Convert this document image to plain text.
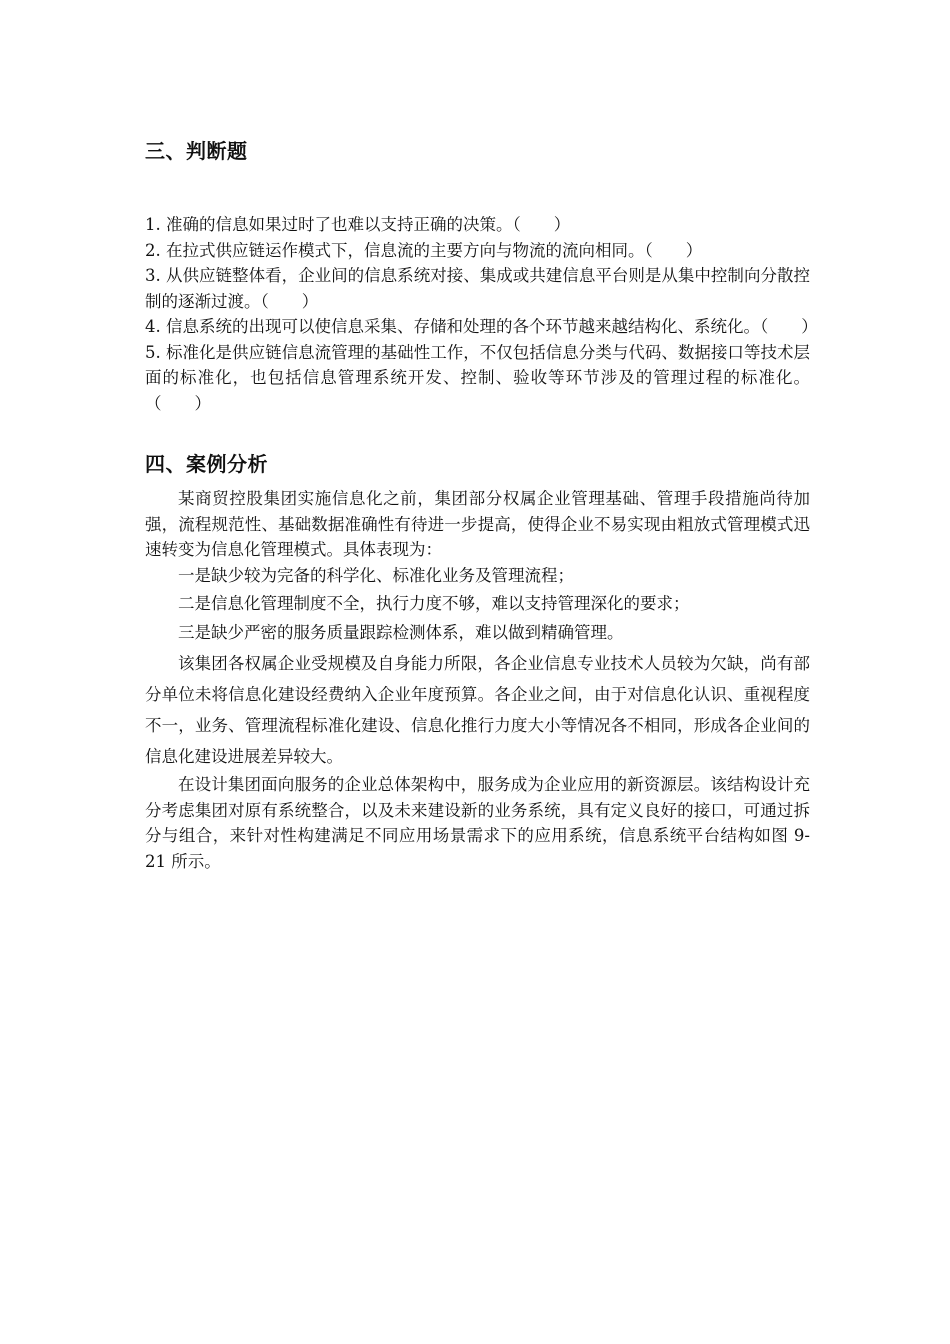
三、判断题

1. 准确的信息如果过时了也难以支持正确的决策。（　　）

2. 在拉式供应链运作模式下，信息流的主要方向与物流的流向相同。（　　）

3. 从供应链整体看，企业间的信息系统对接、集成或共建信息平台则是从集中控制向分散控制的逐渐过渡。（　　）

4. 信息系统的出现可以使信息采集、存储和处理的各个环节越来越结构化、系统化。（　　）

5. 标准化是供应链信息流管理的基础性工作，不仅包括信息分类与代码、数据接口等技术层面的标准化，也包括信息管理系统开发、控制、验收等环节涉及的管理过程的标准化。（　　）

四、案例分析

某商贸控股集团实施信息化之前，集团部分权属企业管理基础、管理手段措施尚待加强，流程规范性、基础数据准确性有待进一步提高，使得企业不易实现由粗放式管理模式迅速转变为信息化管理模式。具体表现为：

一是缺少较为完备的科学化、标准化业务及管理流程；

二是信息化管理制度不全，执行力度不够，难以支持管理深化的要求；

三是缺少严密的服务质量跟踪检测体系，难以做到精确管理。

该集团各权属企业受规模及自身能力所限，各企业信息专业技术人员较为欠缺，尚有部分单位未将信息化建设经费纳入企业年度预算。各企业之间，由于对信息化认识、重视程度不一，业务、管理流程标准化建设、信息化推行力度大小等情况各不相同，形成各企业间的信息化建设进展差异较大。

在设计集团面向服务的企业总体架构中，服务成为企业应用的新资源层。该结构设计充分考虑集团对原有系统整合，以及未来建设新的业务系统，具有定义良好的接口，可通过拆分与组合，来针对性构建满足不同应用场景需求下的应用系统，信息系统平台结构如图 9-21 所示。
